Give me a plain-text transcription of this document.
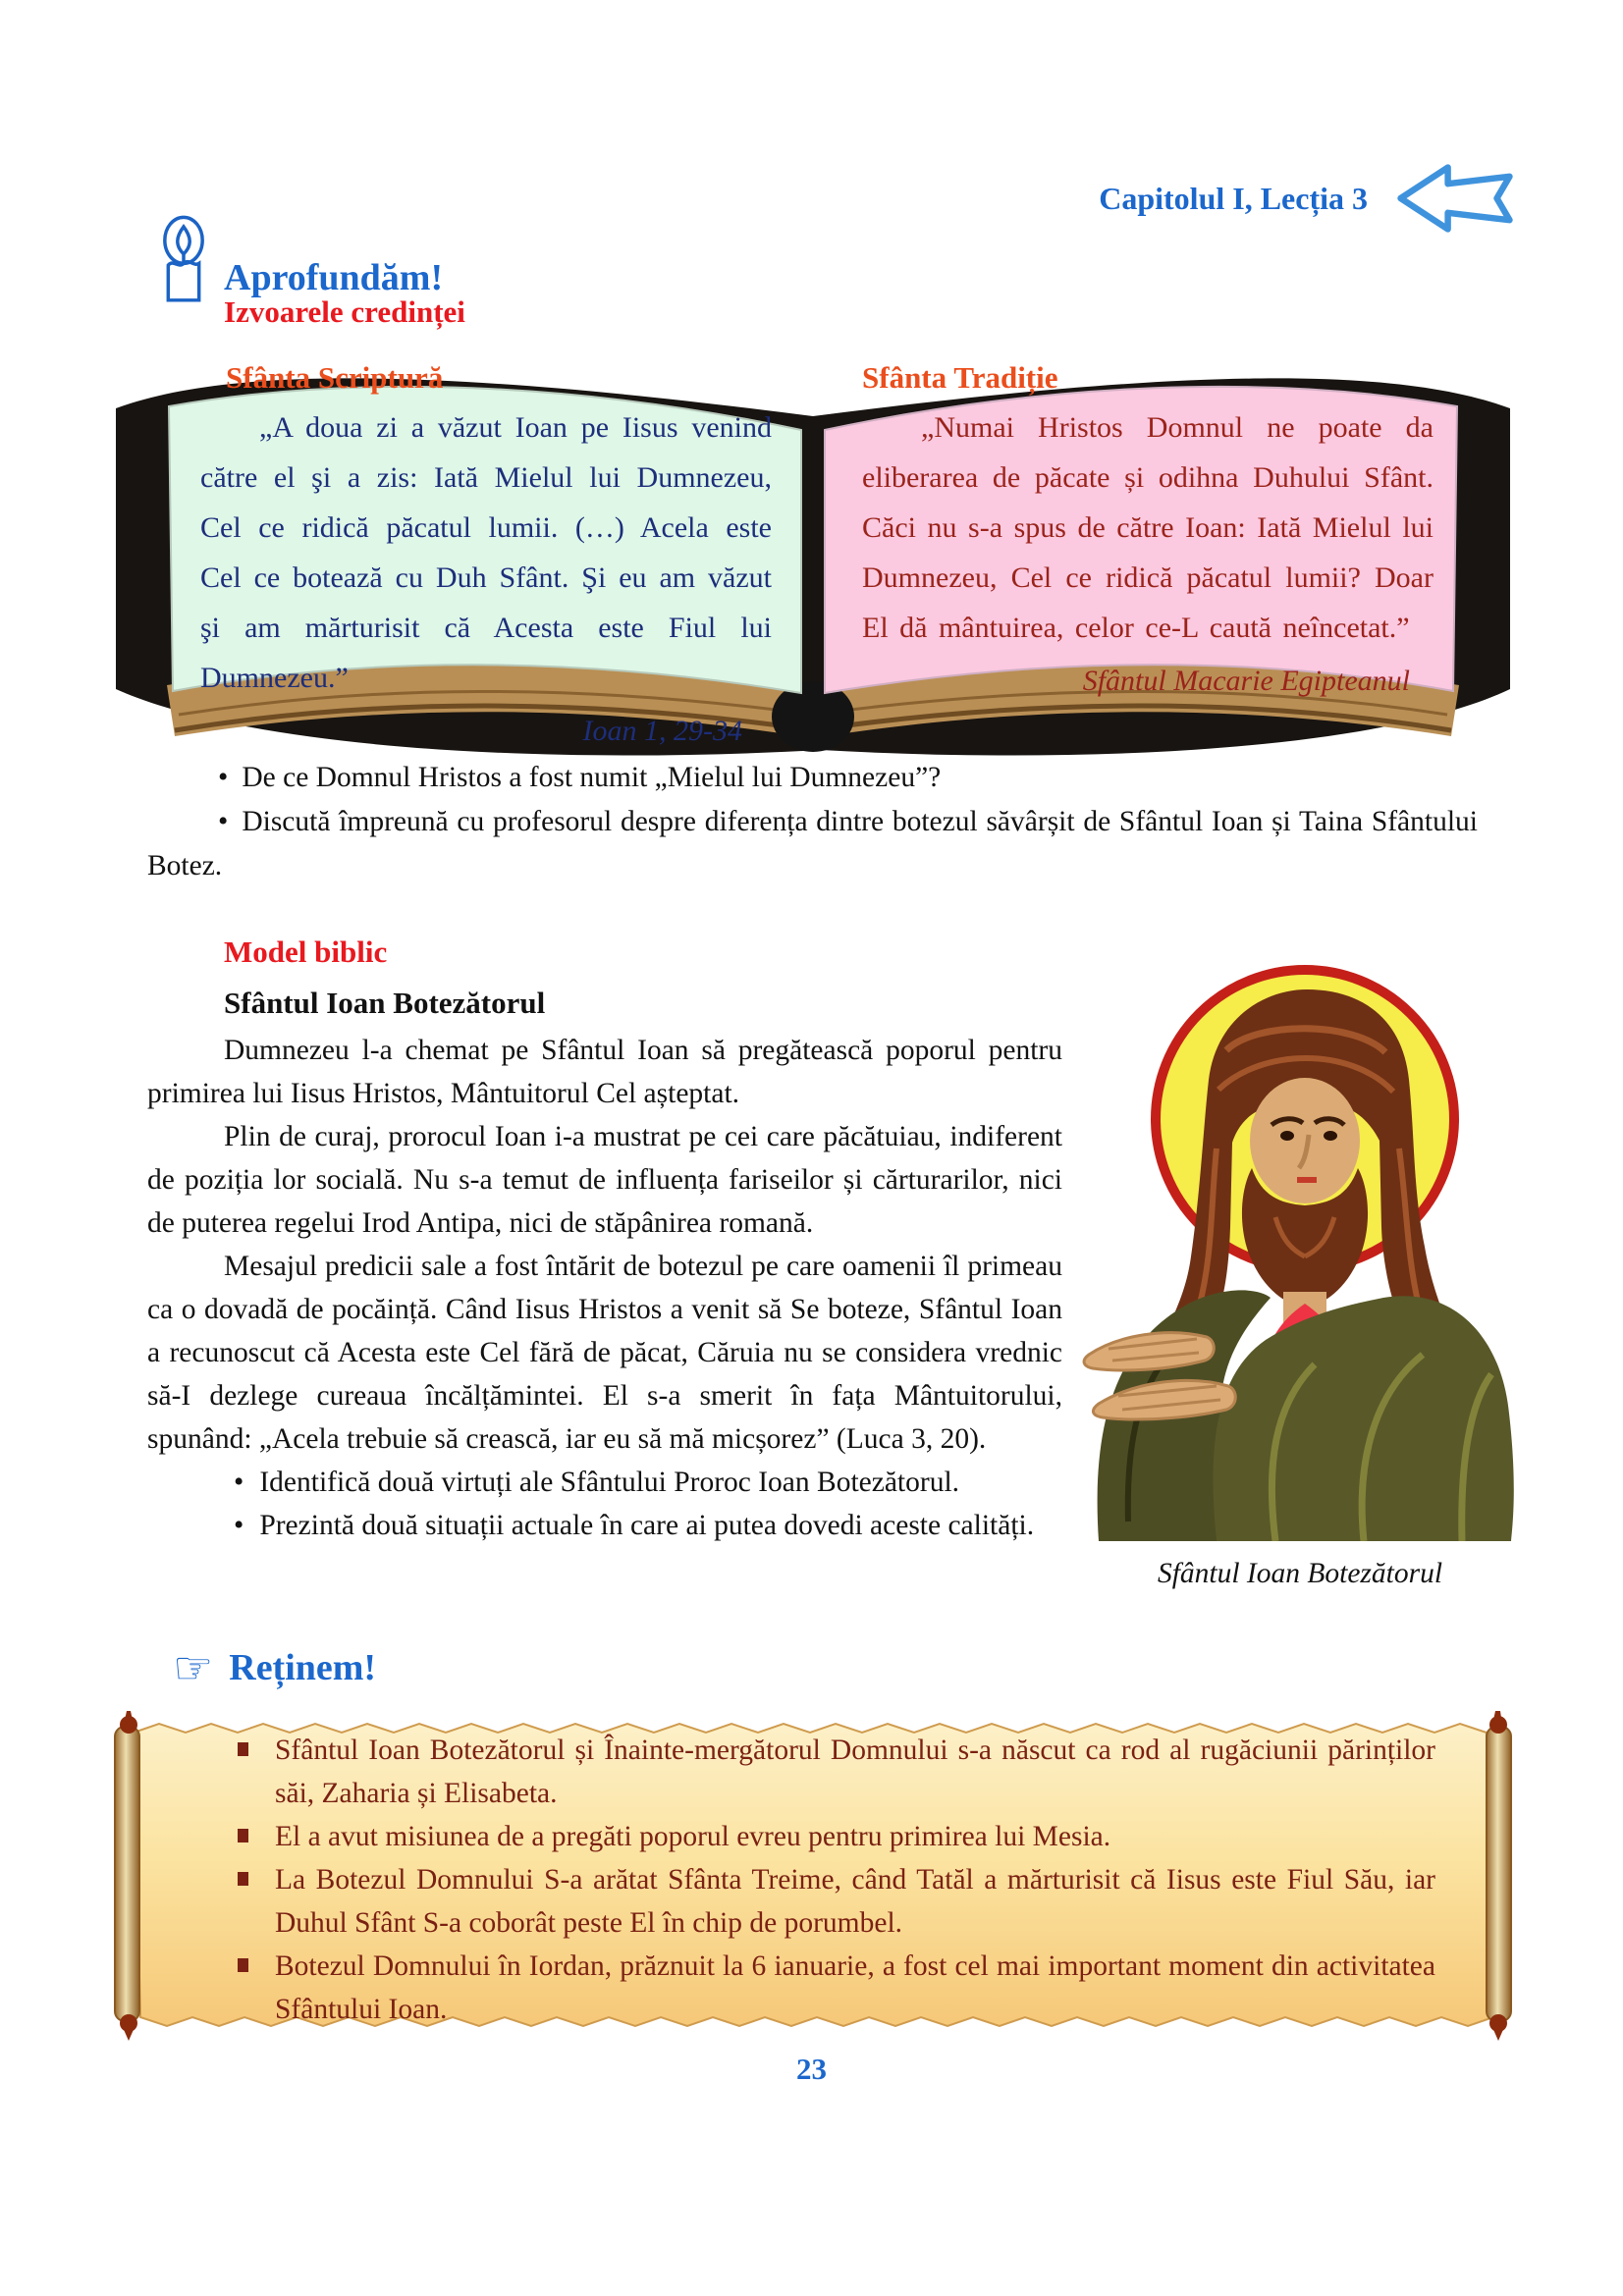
Capitolul I, Lecția 3
Aprofundăm!
Izvoarele credinței
Sfânta Scriptură
„A doua zi a văzut Ioan pe Iisus venind către el şi a zis: Iată Mielul lui Dumnezeu, Cel ce ridică păcatul lumii. (…) Acela este Cel ce botează cu Duh Sfânt. Şi eu am văzut şi am mărturisit că Acesta este Fiul lui Dumnezeu.”
Ioan 1, 29-34
Sfânta Tradiție
„Numai Hristos Domnul ne poate da eliberarea de păcate și odihna Duhului Sfânt. Căci nu s-a spus de către Ioan: Iată Mielul lui Dumnezeu, Cel ce ridică păcatul lumii? Doar El dă mântuirea, celor ce-L caută neîncetat.”
Sfântul Macarie Egipteanul

• De ce Domnul Hristos a fost numit „Mielul lui Dumnezeu”?

• Discută împreună cu profesorul despre diferența dintre botezul săvârșit de Sfântul Ioan și Taina Sfântului Botez.

Model biblic

Sfântul Ioan Botezătorul

Dumnezeu l-a chemat pe Sfântul Ioan să pregătească poporul pentru primirea lui Iisus Hristos, Mântuitorul Cel așteptat.

Plin de curaj, prorocul Ioan i-a mustrat pe cei care păcătuiau, indiferent de poziția lor socială. Nu s-a temut de influența fariseilor și cărturarilor, nici de puterea regelui Irod Antipa, nici de stăpânirea romană.

Mesajul predicii sale a fost întărit de botezul pe care oamenii îl primeau ca o dovadă de pocăință. Când Iisus Hristos a venit să Se boteze, Sfântul Ioan a recunoscut că Acesta este Cel fără de păcat, Căruia nu se considera vrednic să-I dezlege cureaua încălțămintei. El s-a smerit în fața Mântuitorului, spunând: „Acela trebuie să crească, iar eu să mă micșorez” (Luca 3, 20).

• Identifică două virtuți ale Sfântului Proroc Ioan Botezătorul.

• Prezintă două situații actuale în care ai putea dovedi aceste calități.

Sfântul Ioan Botezătorul
☞ Reținem!
Sfântul Ioan Botezătorul și Înainte-mergătorul Domnului s-a născut ca rod al rugăciunii părinților săi, Zaharia și Elisabeta.
El a avut misiunea de a pregăti poporul evreu pentru primirea lui Mesia.
La Botezul Domnului S-a arătat Sfânta Treime, când Tatăl a mărturisit că Iisus este Fiul Său, iar Duhul Sfânt S-a coborât peste El în chip de porumbel.
Botezul Domnului în Iordan, prăznuit la 6 ianuarie, a fost cel mai important moment din activitatea Sfântului Ioan.
23
